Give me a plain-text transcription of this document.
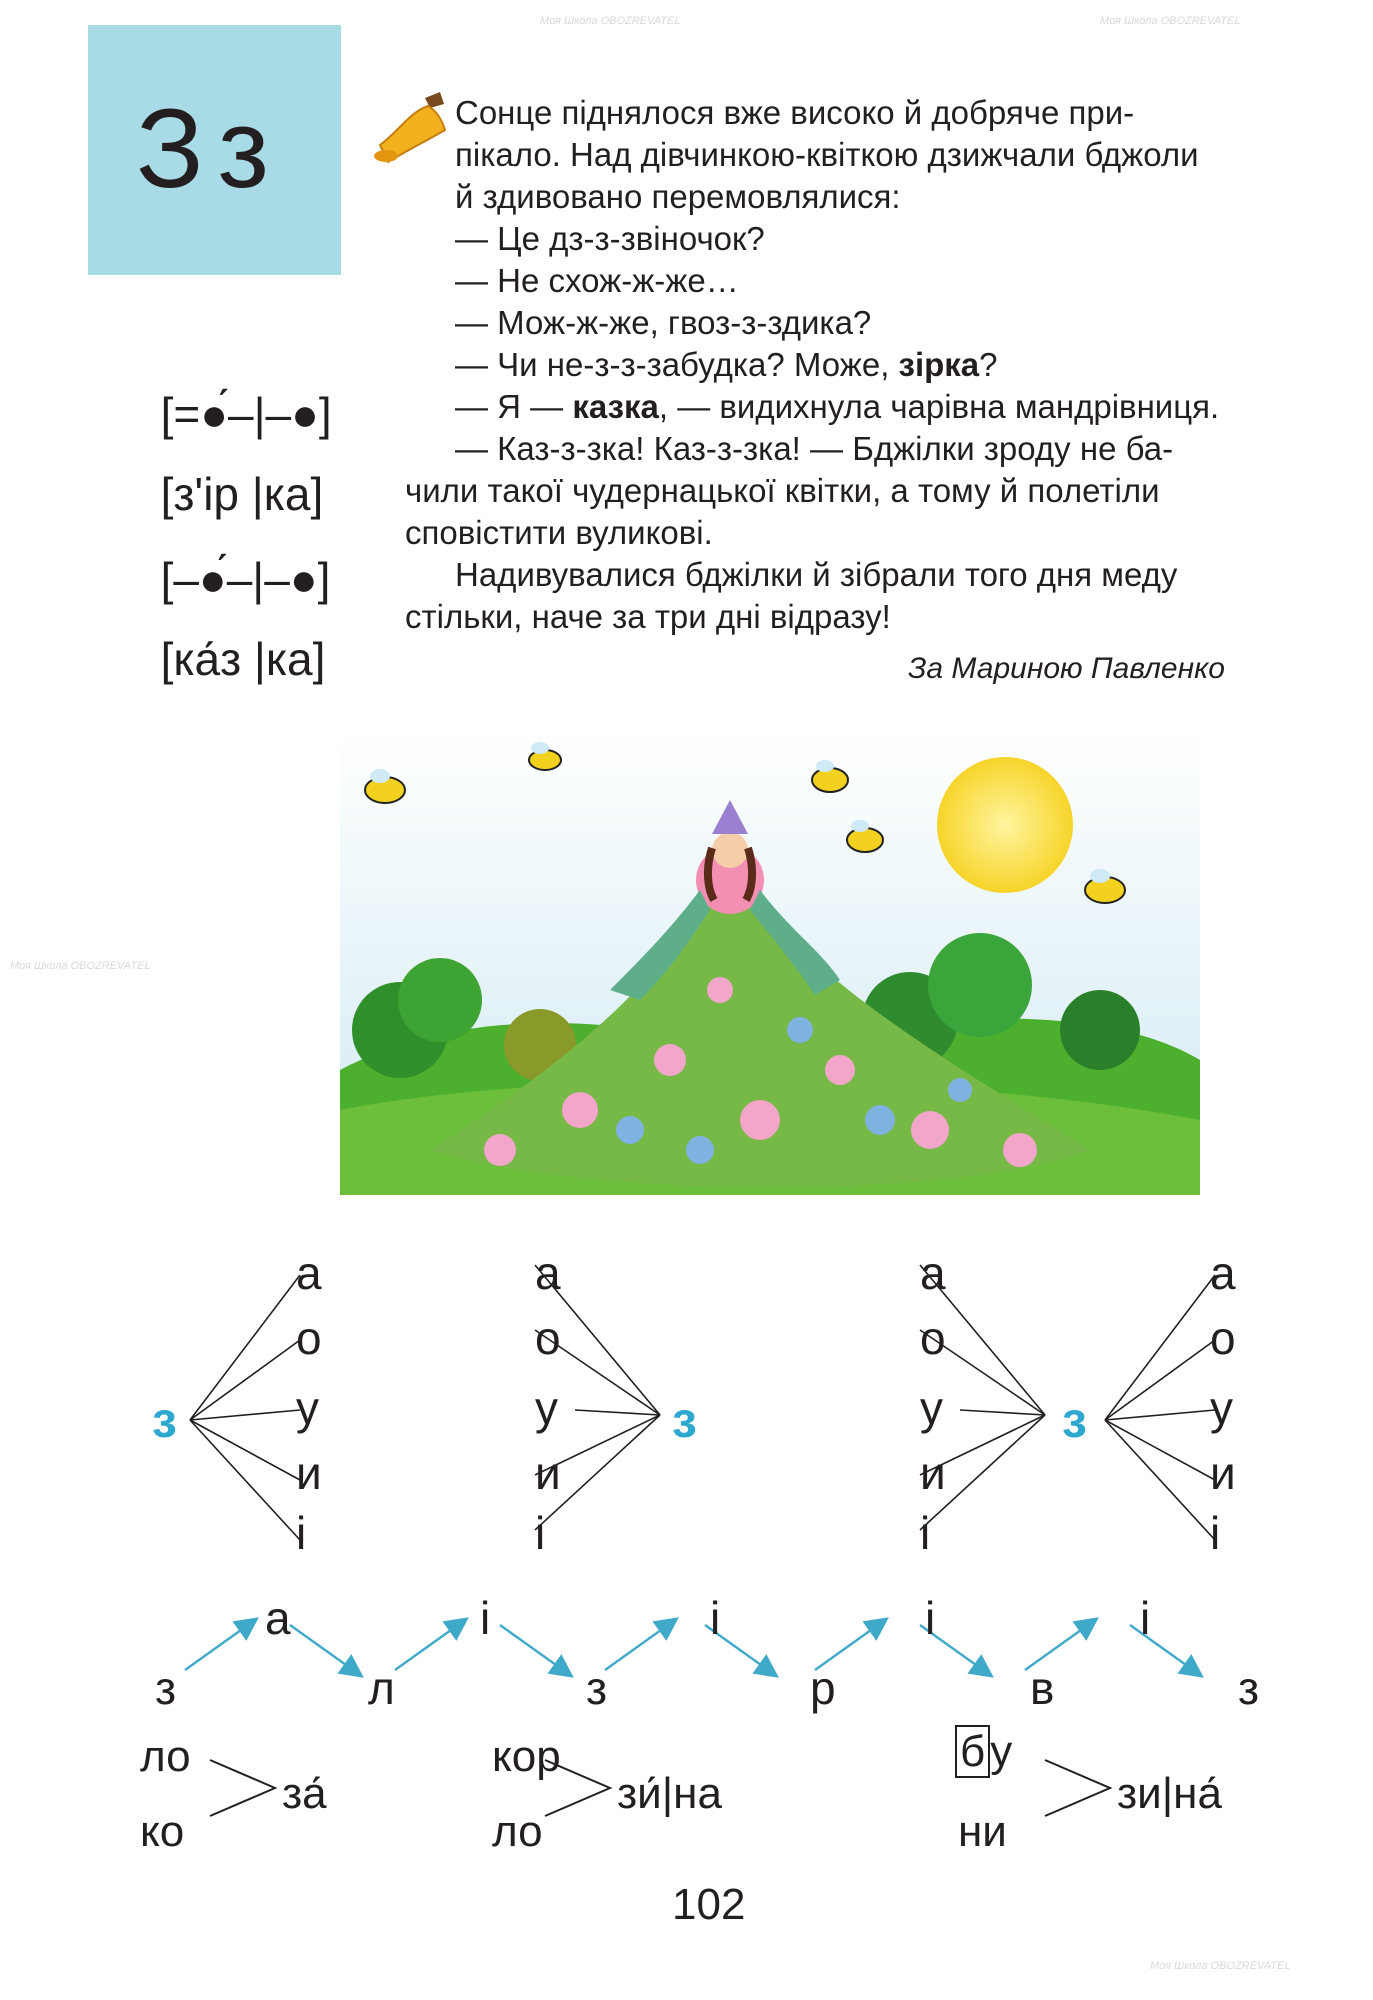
Зз

[=●́–|–●]

[з'ір |ка]

[–●́–|–●]

[ка́з |ка]

Сонце піднялося вже високо й добряче при-
пікало. Над дівчинкою-квіткою дзижчали бджоли
й здивовано перемовлялися:
— Це дз-з-звіночок?
— Не схож-ж-же…
— Мож-ж-же, гвоз-з-здика?
— Чи не-з-з-забудка? Може, зірка?
— Я — казка, — видихнула чарівна мандрівниця.
— Каз-з-зка! Каз-з-зка! — Бджілки зроду не ба-
чили такої чудернацької квітки, а тому й полетіли
сповістити вуликові.
Надивувалися бджілки й зібрали того дня меду
стільки, наче за три дні відразу!
За Мариною Павленко
з
а
о
у
и
і
а
о
у
и
і
з
а
о
у
и
і
з
а
о
у
и
і
з
а
л
і
з
і
р
і
в
і
з
ло
ко
за́
кор
ло
зи́|на
б у
ни
зи|на́
102
Моя Школа OBOZREVATEL	Моя Школа OBOZREVATEL
Моя Школа OBOZREVATEL
Моя Школа OBOZREVATEL
